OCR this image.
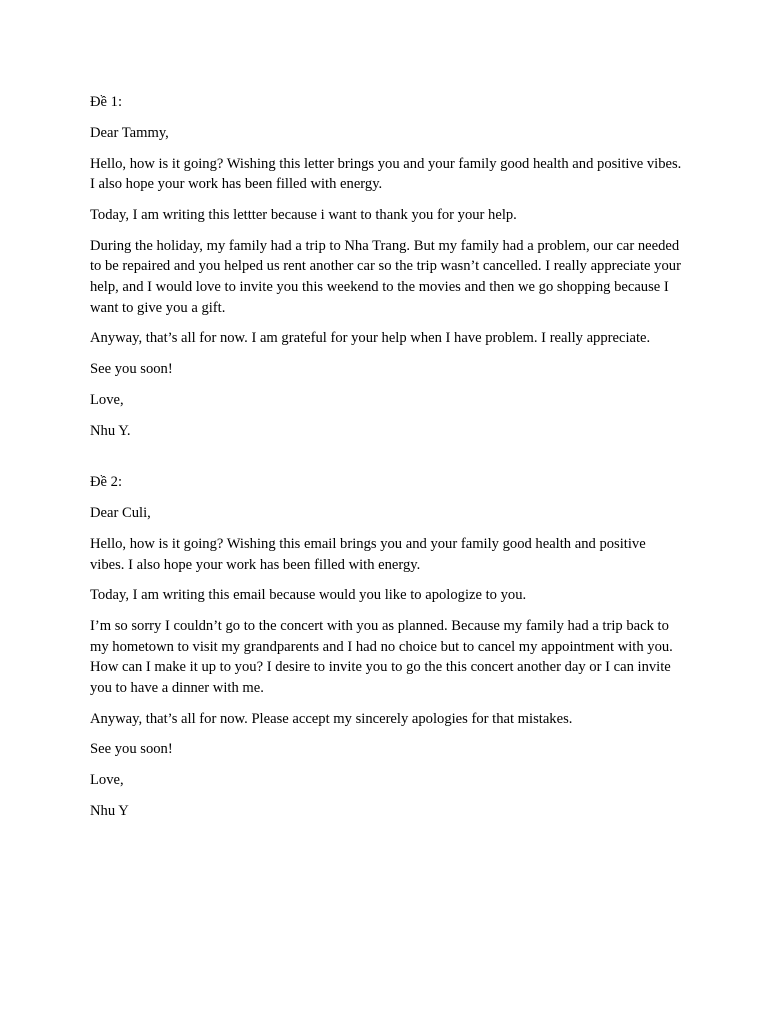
Đề 1:

Dear Tammy,

Hello, how is it going? Wishing this letter brings you and your family good health and positive vibes. I also hope your work has been filled with energy.

Today, I am writing this lettter because i want to thank you for your help.

During the holiday, my family had a trip to Nha Trang. But my family had a problem, our car needed to be repaired and you helped us rent another car so the trip wasn’t cancelled. I really appreciate your help, and I would love to invite you this weekend to the movies and then we go shopping because I want to give you a gift.

Anyway, that’s all for now. I am grateful for your help when I have problem. I really appreciate.

See you soon!

Love,

Nhu Y.

Đề 2:

Dear Culi,

Hello, how is it going? Wishing this email brings you and your family good health and positive vibes. I also hope your work has been filled with energy.

Today, I am writing this email because would you like to apologize to you.

I’m so sorry I couldn’t go to the concert with you as planned. Because my family had a trip back to my hometown to visit my grandparents and I had no choice but to cancel my appointment with you. How can I make it up to you? I desire to invite you to go the this concert another day or I can invite you to have a dinner with me.

Anyway, that’s all for now. Please accept my sincerely apologies for that mistakes.

See you soon!

Love,

Nhu Y
